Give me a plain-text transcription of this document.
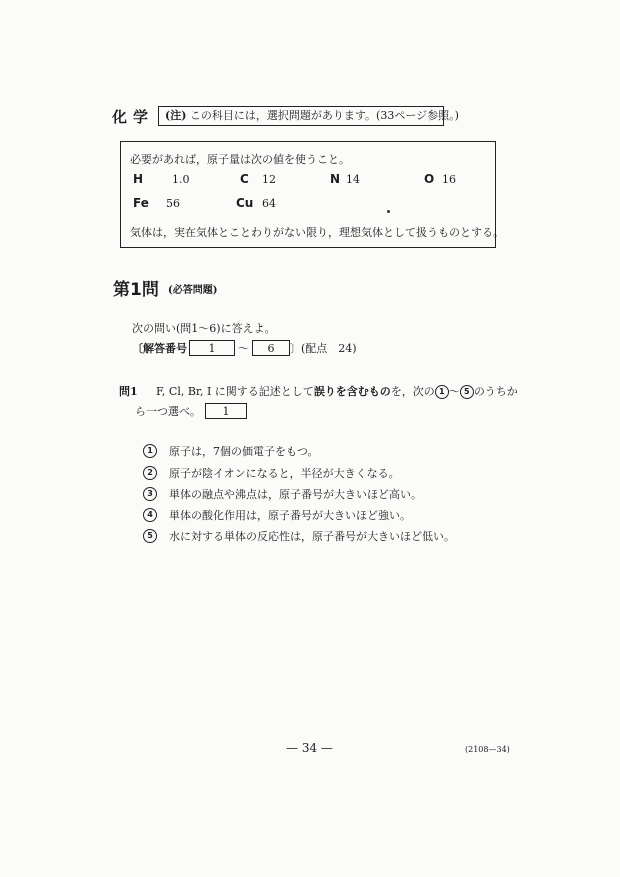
化学 (注) この科目には，選択問題があります。(33ページ参照。)
必要があれば，原子量は次の値を使うこと。
H	1.0	C 12	N 14	O 16
Fe 56	Cu 64
気体は，実在気体とことわりがない限り，理想気体として扱うものとする。
第1問 (必答問題)
次の問い(問1～6)に答えよ。
〔解答番号	1	～	6	〕(配点　24)
問1 F, Cl, Br, I に関する記述として誤りを含むものを，次の 1 ～ 5 のうちか
ら一つ選べ。	1
1	原子は，7個の価電子をもつ。
2	原子が陰イオンになると，半径が大きくなる。
3	単体の融点や沸点は，原子番号が大きいほど高い。
4	単体の酸化作用は，原子番号が大きいほど強い。
5	水に対する単体の反応性は，原子番号が大きいほど低い。
— 34 —	(2108—34)
